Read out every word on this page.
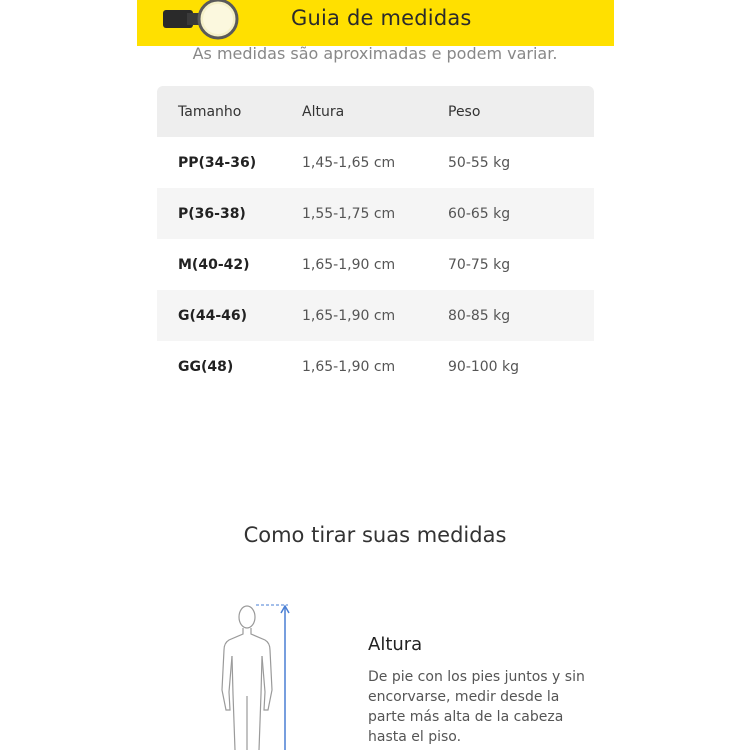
Guia de medidas
As medidas são aproximadas e podem variar.
Tamanho	Altura	Peso
PP(34-36)	1,45-1,65 cm	50-55 kg
P(36-38)	1,55-1,75 cm	60-65 kg
M(40-42)	1,65-1,90 cm	70-75 kg
G(44-46)	1,65-1,90 cm	80-85 kg
GG(48)	1,65-1,90 cm	90-100 kg
Como tirar suas medidas
Altura
De pie con los pies juntos y sin
encorvarse, medir desde la
parte más alta de la cabeza
hasta el piso.
